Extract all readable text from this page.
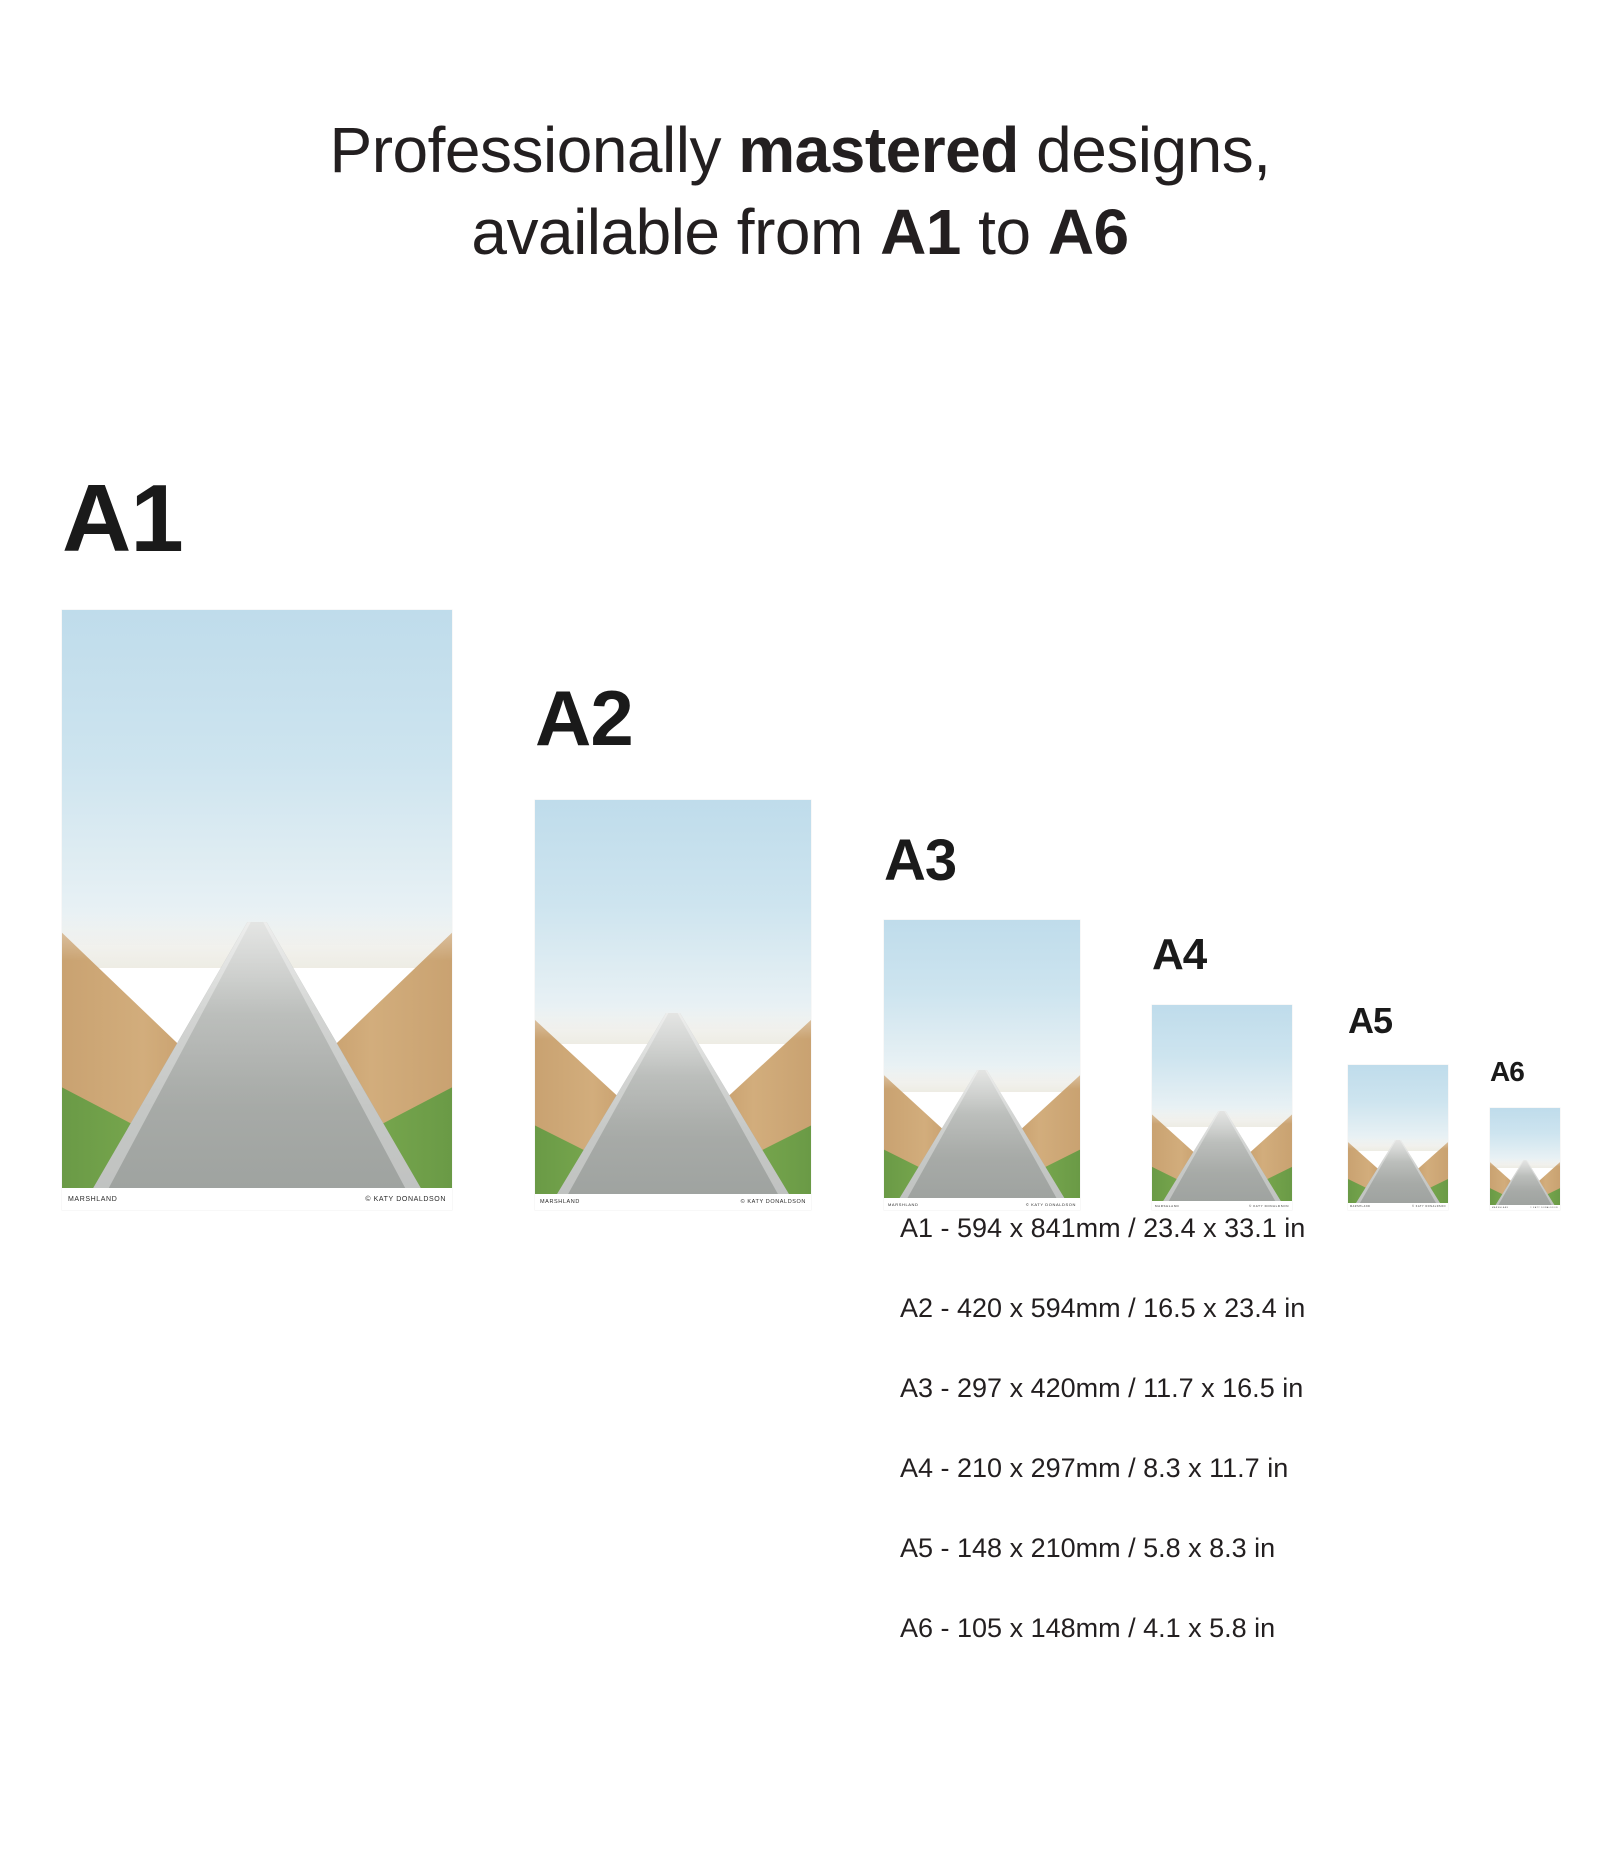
Professionally mastered designs,
available from A1 to A6
A1
MARSHLAND	© KATY DONALDSON
A2
MARSHLAND	© KATY DONALDSON
A3
MARSHLAND	© KATY DONALDSON
A4
MARSHLAND	© KATY DONALDSON
A5
MARSHLAND	© KATY DONALDSON
A6
MARSHLAND	© KATY DONALDSON
A1 - 594 x 841mm / 23.4 x 33.1 in
A2 - 420 x 594mm / 16.5 x 23.4 in
A3 - 297 x 420mm / 11.7 x 16.5 in
A4 - 210 x 297mm / 8.3 x 11.7 in
A5 - 148 x 210mm / 5.8 x 8.3 in
A6 - 105 x 148mm / 4.1 x 5.8 in
